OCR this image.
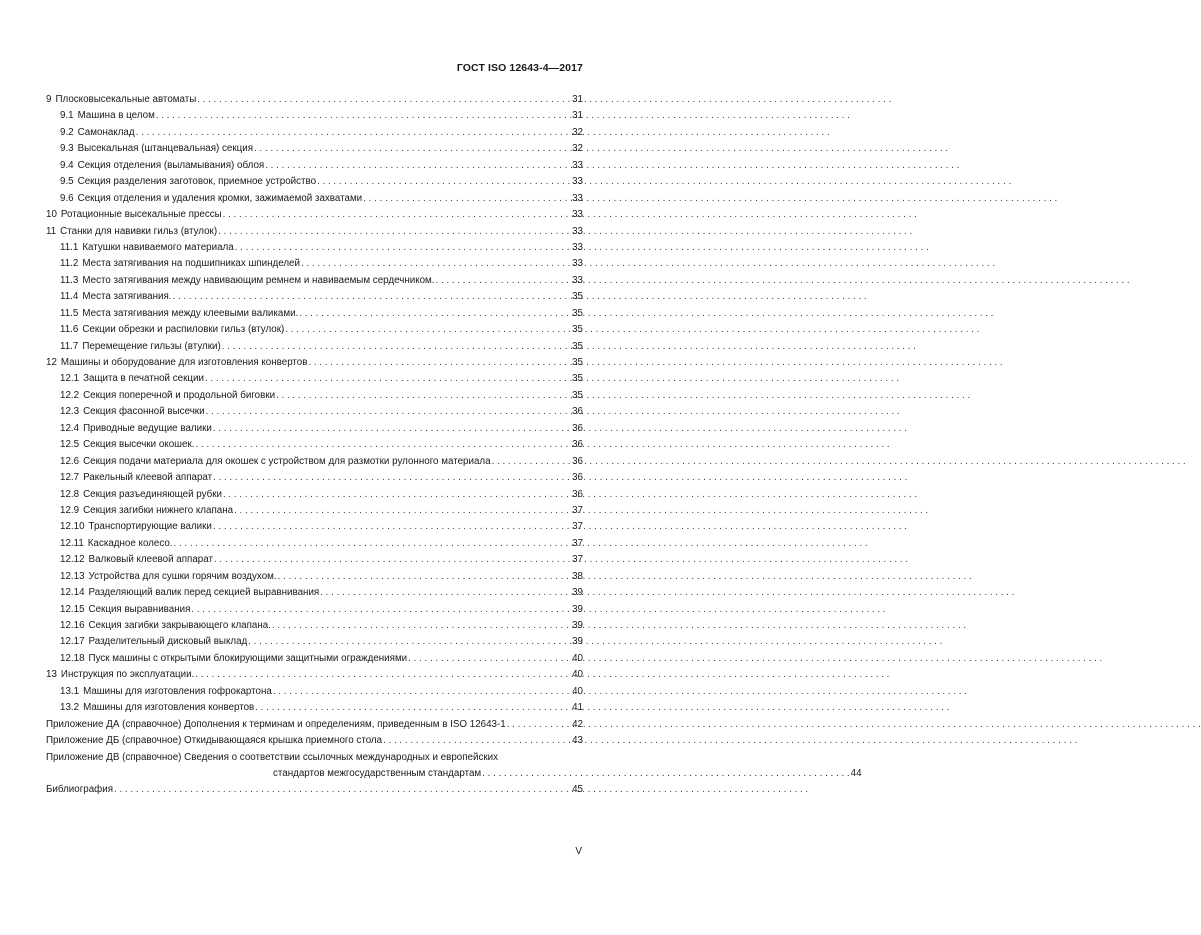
ГОСТ ISO 12643-4—2017
9 Плосковысекальные автоматы . . .	31
9.1 Машина в целом . . .	31
9.2 Самонаклад . . .	32
9.3 Высекальная (штанцевальная) секция . . .	32
9.4 Секция отделения (выламывания) облоя . . .	33
9.5 Секция разделения заготовок, приемное устройство . . .	33
9.6 Секция отделения и удаления кромки, зажимаемой захватами . . .	33
10 Ротационные высекальные прессы . . .	33
11 Станки для навивки гильз (втулок) . . .	33
11.1 Катушки навиваемого материала . . .	33
11.2 Места затягивания на подшипниках шпинделей . . .	33
11.3 Место затягивания между навивающим ремнем и навиваемым сердечником. . . .	33
11.4 Места затягивания. . . .	35
11.5 Места затягивания между клеевыми валиками. . . .	35
11.6 Секции обрезки и распиловки гильз (втулок) . . .	35
11.7 Перемещение гильзы (втулки) . . .	35
12 Машины и оборудование для изготовления конвертов . . .	35
12.1 Защита в печатной секции . . .	35
12.2 Секция поперечной и продольной биговки . . .	35
12.3 Секция фасонной высечки . . .	36
12.4 Приводные ведущие валики . . .	36
12.5 Секция высечки окошек. . . .	36
12.6 Секция подачи материала для окошек с устройством для размотки рулонного материала . . .	36
12.7 Ракельный клеевой аппарат . . .	36
12.8 Секция разъединяющей рубки . . .	36
12.9 Секция загибки нижнего клапана . . .	37
12.10 Транспортирующие валики . . .	37
12.11 Каскадное колесо. . . .	37
12.12 Валковый клеевой аппарат . . .	37
12.13 Устройства для сушки горячим воздухом. . . .	38
12.14 Разделяющий валик перед секцией выравнивания . . .	39
12.15 Секция выравнивания . . .	39
12.16 Секция загибки закрывающего клапана. . . .	39
12.17 Разделительный дисковый выклад . . .	39
12.18 Пуск машины с открытыми блокирующими защитными ограждениями . . .	40
13 Инструкция по эксплуатации. . . .	40
13.1 Машины для изготовления гофрокартона . . .	40
13.2 Машины для изготовления конвертов . . .	41
Приложение ДА (справочное) Дополнения к терминам и определениям, приведенным в ISO 12643-1 . . .	42
Приложение ДБ (справочное) Откидывающаяся крышка приемного стола . . .	43
Приложение ДВ (справочное) Сведения о соответствии ссылочных международных и европейских
стандартов межгосударственным стандартам . . .	44
Библиография . . .	45
V
